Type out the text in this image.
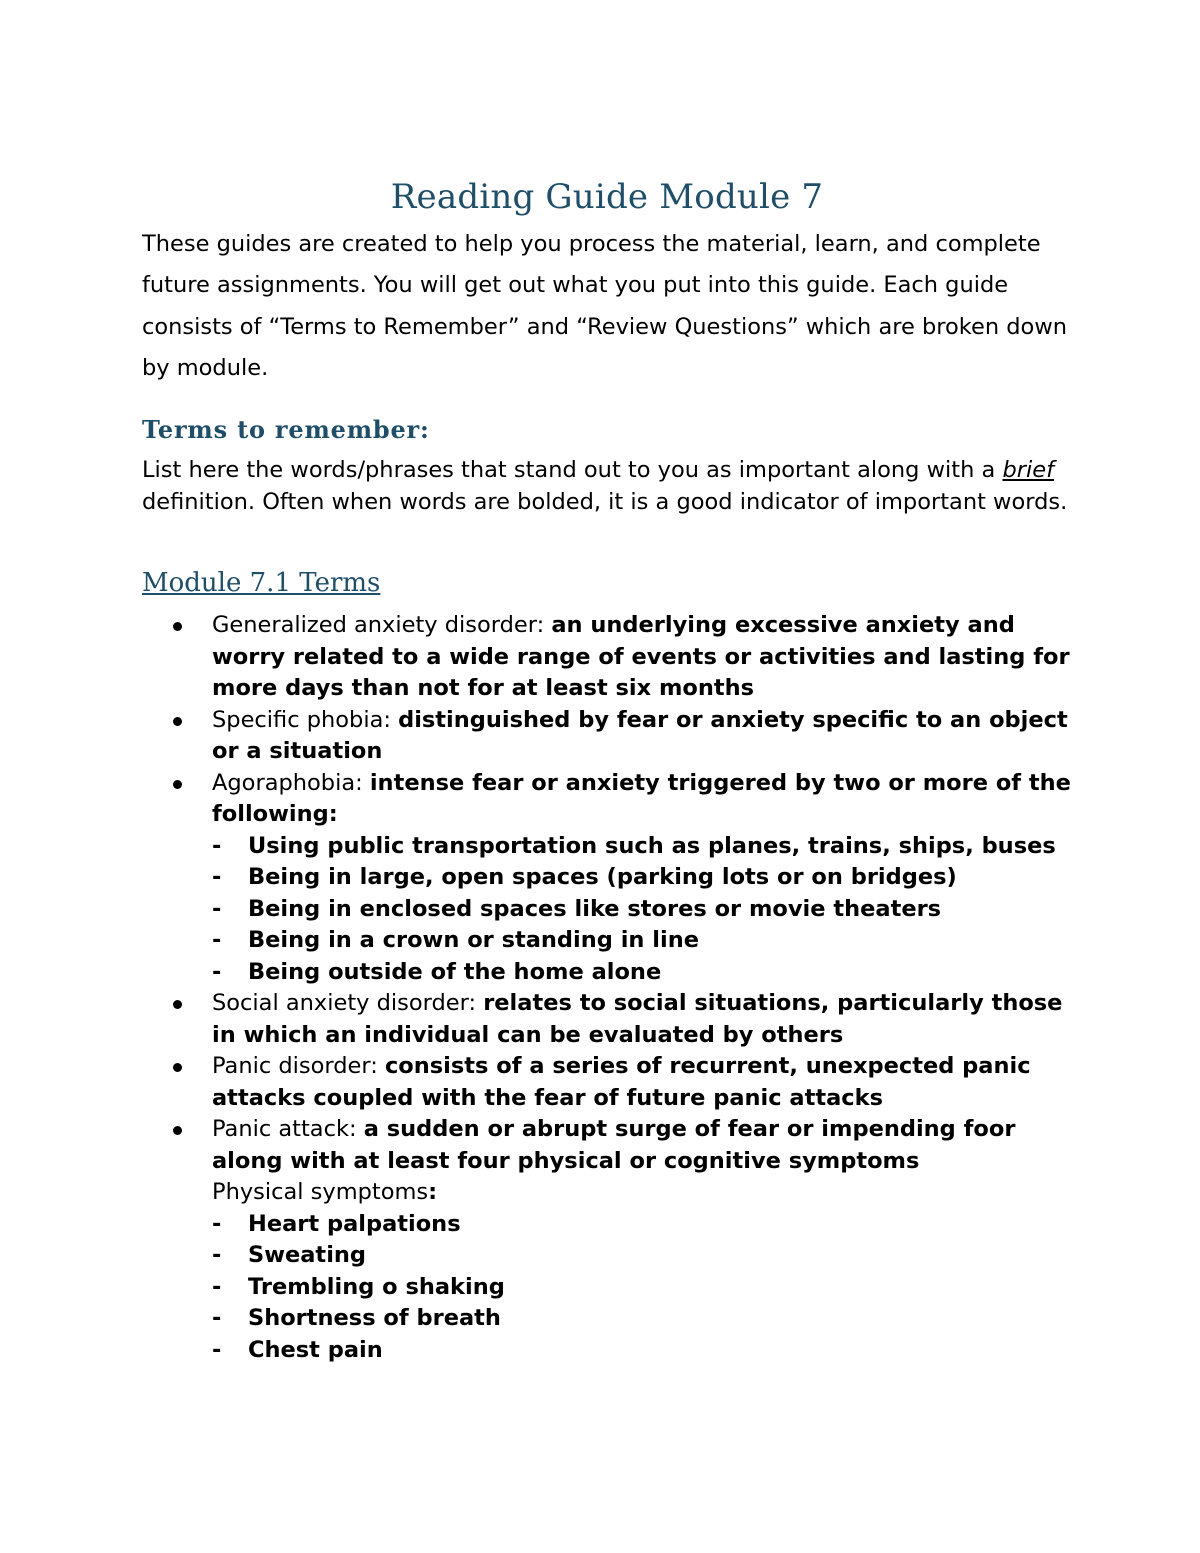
Reading Guide Module 7

These guides are created to help you process the material, learn, and complete future assignments. You will get out what you put into this guide. Each guide consists of “Terms to Remember” and “Review Questions” which are broken down by module.

Terms to remember:

List here the words/phrases that stand out to you as important along with a brief definition. Often when words are bolded, it is a good indicator of important words.

Module 7.1 Terms
Generalized anxiety disorder: an underlying excessive anxiety and worry related to a wide range of events or activities and lasting for more days than not for at least six months
Specific phobia: distinguished by fear or anxiety specific to an object or a situation
Agoraphobia: intense fear or anxiety triggered by two or more of the following:
- Using public transportation such as planes, trains, ships, buses
- Being in large, open spaces (parking lots or on bridges)
- Being in enclosed spaces like stores or movie theaters
- Being in a crown or standing in line
- Being outside of the home alone
Social anxiety disorder: relates to social situations, particularly those in which an individual can be evaluated by others
Panic disorder: consists of a series of recurrent, unexpected panic attacks coupled with the fear of future panic attacks
Panic attack: a sudden or abrupt surge of fear or impending foor along with at least four physical or cognitive symptoms
Physical symptoms:
- Heart palpations
- Sweating
- Trembling o shaking
- Shortness of breath
- Chest pain
